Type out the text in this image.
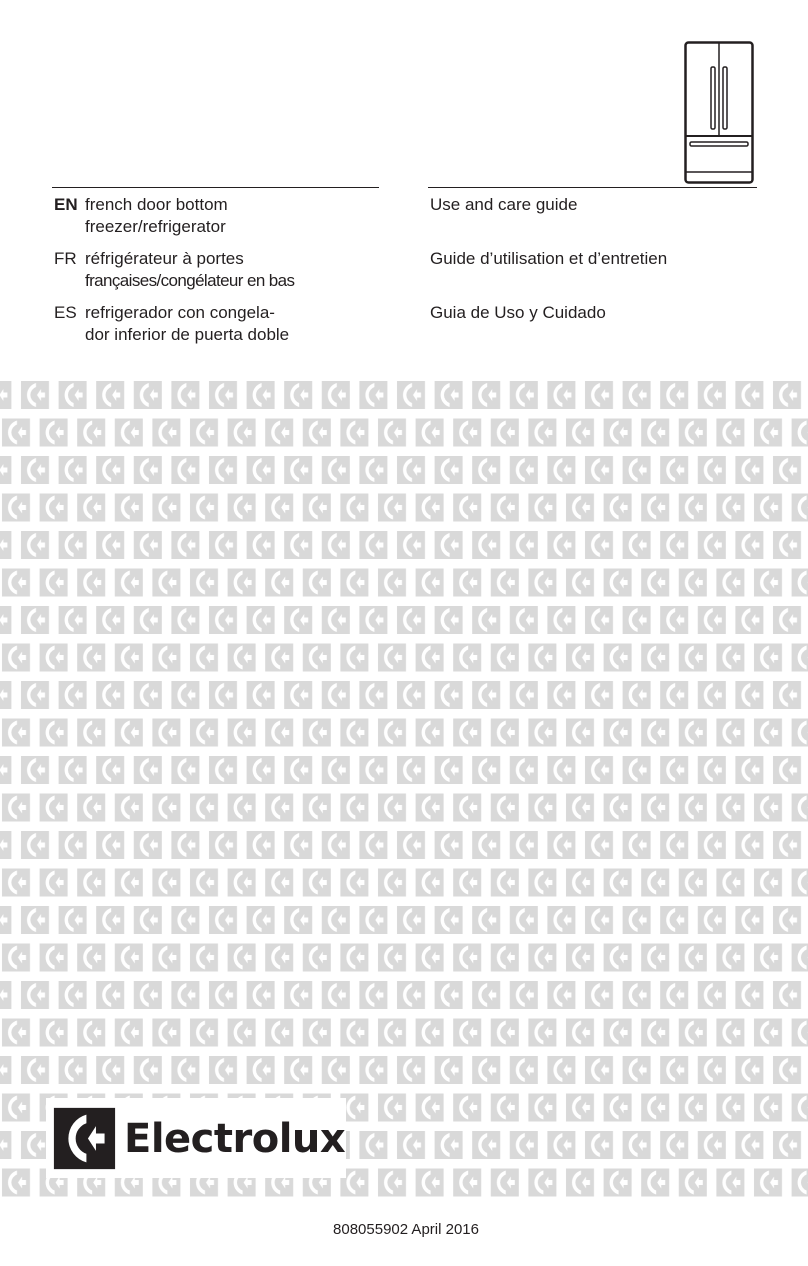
EN french door bottom
freezer/refrigerator
Use and care guide
FR réfrigérateur à portes
françaises/congélateur en bas
Guide d’utilisation et d’entretien
ES refrigerador con congela-
dor inferior de puerta doble
Guia de Uso y Cuidado
Electrolux
808055902 April 2016
